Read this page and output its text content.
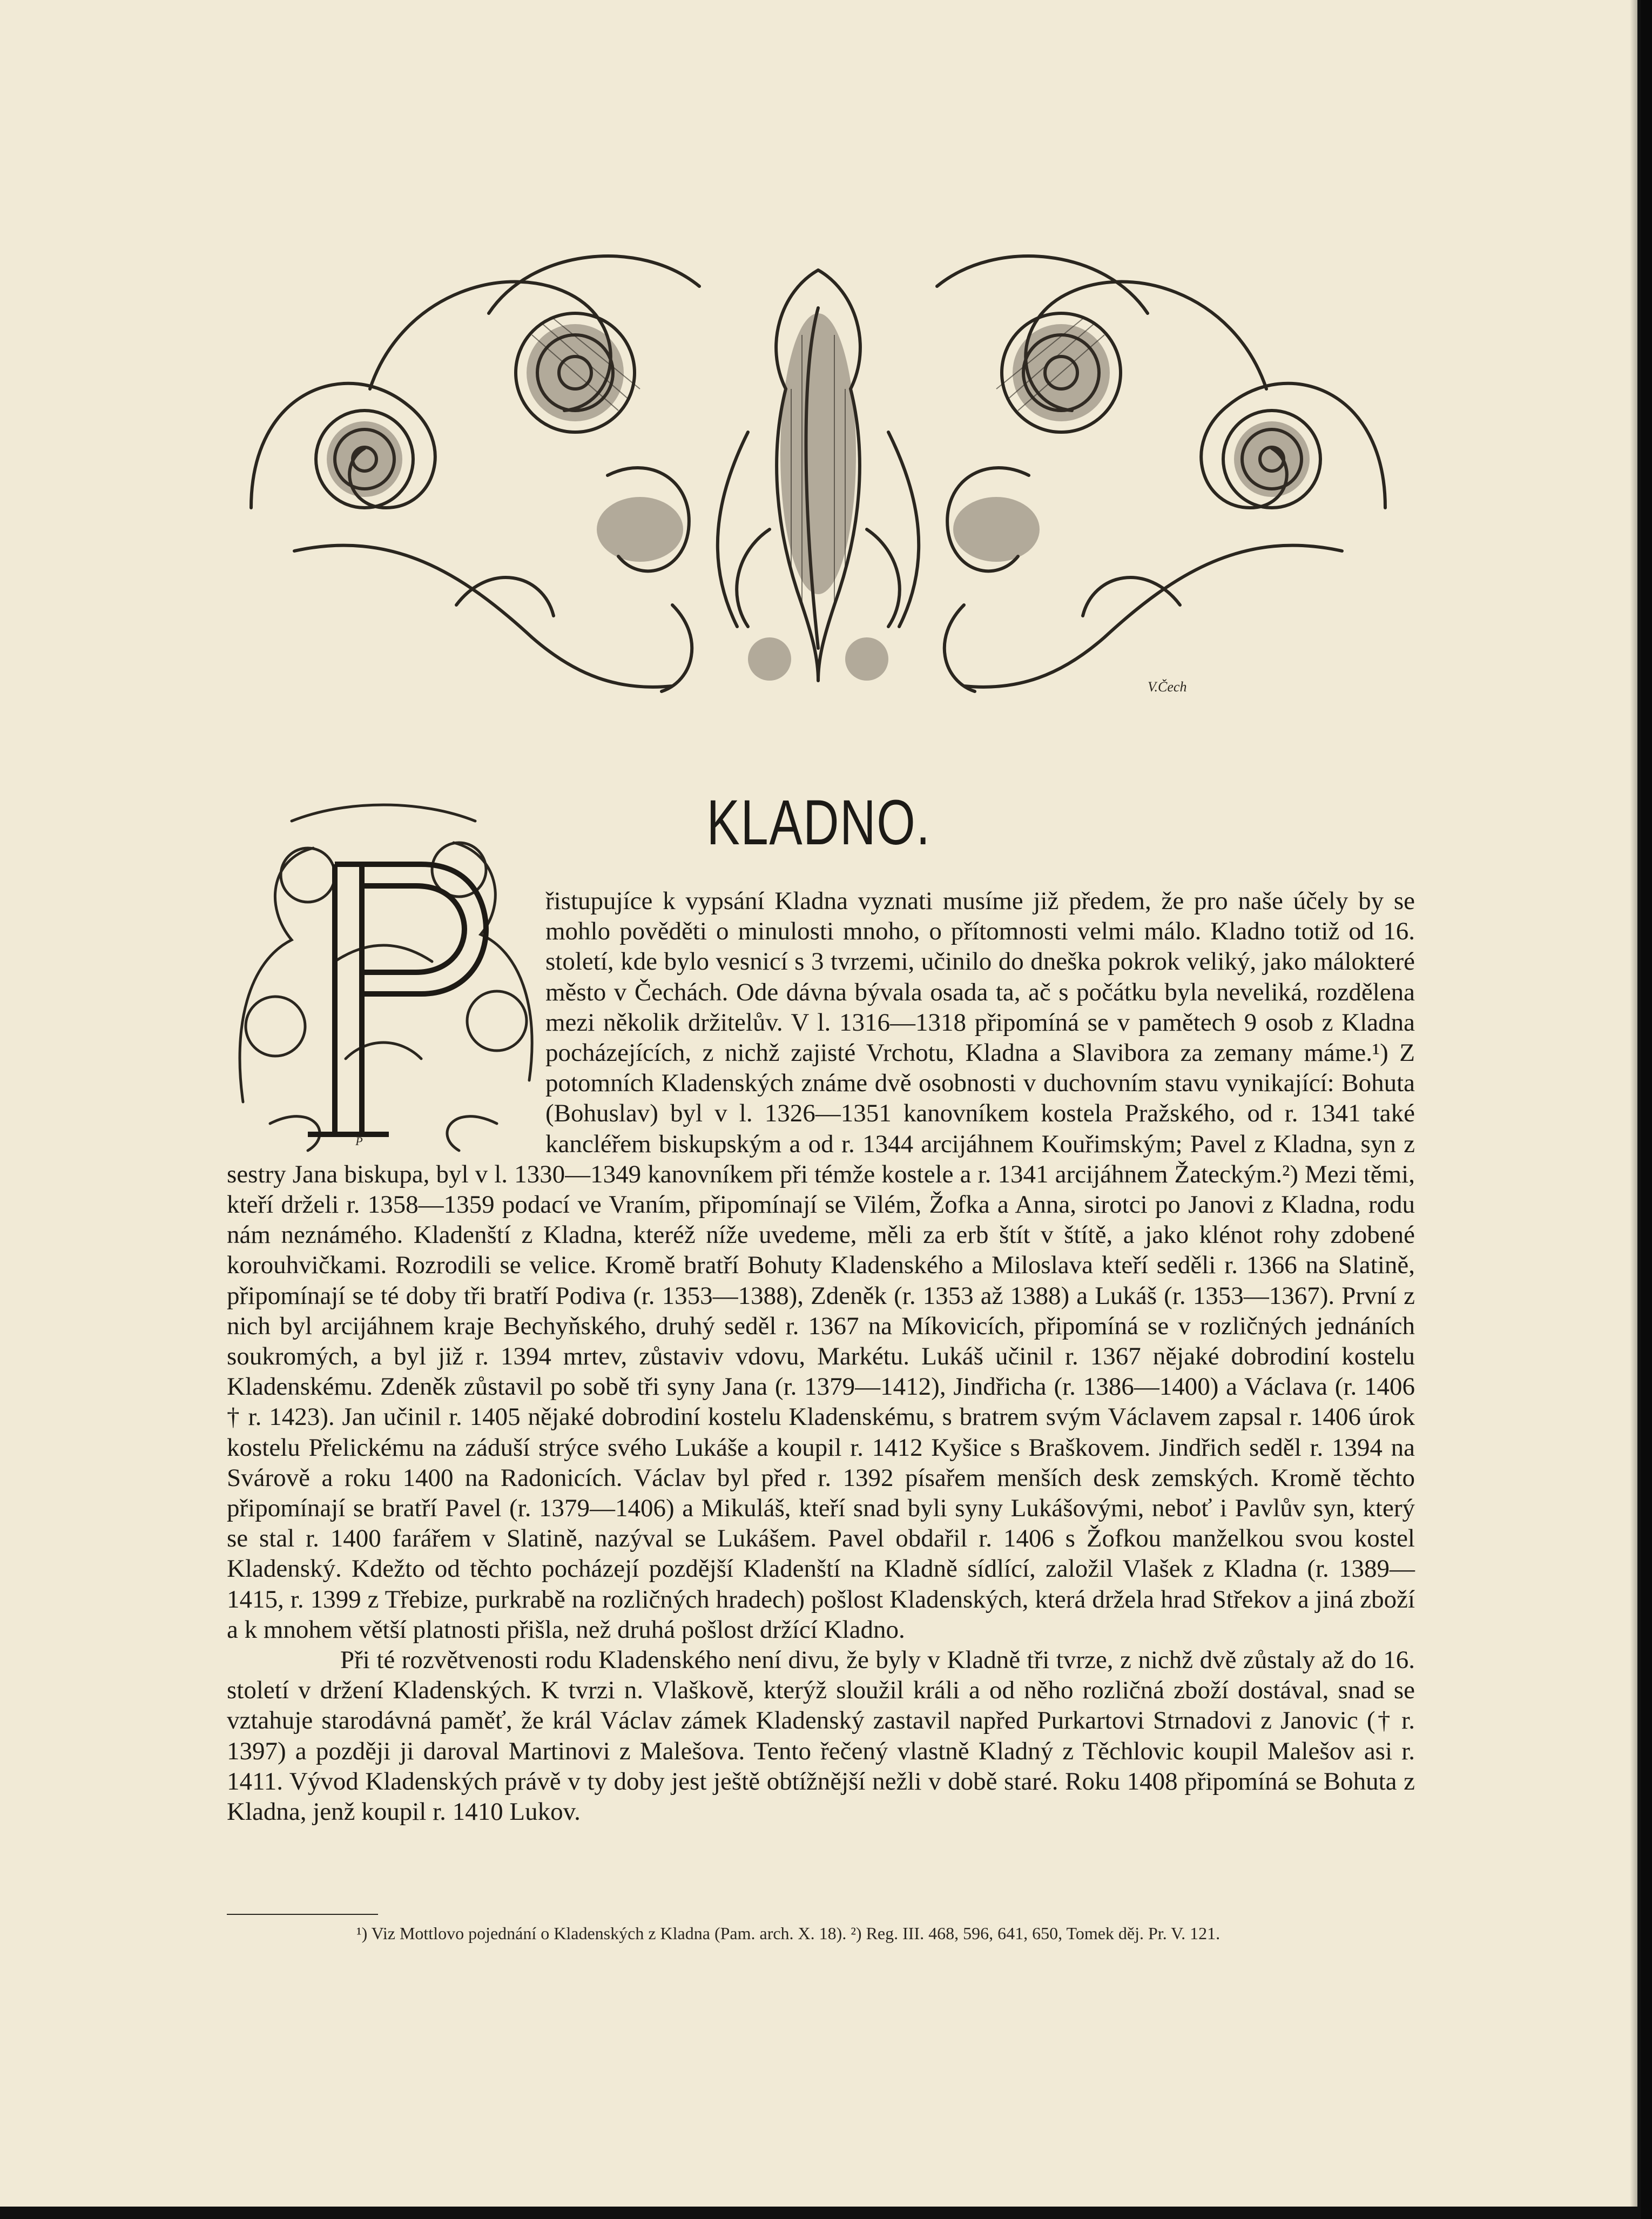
V.Čech
P
KLADNO.

řistupujíce k vypsání Kladna vyznati musíme již předem, že pro naše účely by se mohlo pověděti o minulosti mnoho, o přítomnosti velmi málo. Kladno totiž od 16. století, kde bylo vesnicí s 3 tvrzemi, učinilo do dneška pokrok veliký, jako málokteré město v Čechách. Ode dávna bývala osada ta, ač s počátku byla neveliká, rozdělena mezi několik držitelův. V l. 1316—1318 připomíná se v pamětech 9 osob z Kladna pocházejících, z nichž zajisté Vrchotu, Kladna a Slavibora za zemany máme.¹) Z potomních Kladenských známe dvě osobnosti v duchovním stavu vynikající: Bohuta (Bohuslav) byl v l. 1326—1351 kanovníkem kostela Pražského, od r. 1341 také kancléřem biskupským a od r. 1344 arcijáhnem Kouřimským; Pavel z Kladna, syn z sestry Jana biskupa, byl v l. 1330—1349 kanovníkem při témže kostele a r. 1341 arcijáhnem Žateckým.²) Mezi těmi, kteří drželi r. 1358—1359 podací ve Vraním, připomínají se Vilém, Žofka a Anna, sirotci po Janovi z Kladna, rodu nám neznámého. Kladenští z Kladna, kteréž níže uvedeme, měli za erb štít v štítě, a jako klénot rohy zdobené korouhvičkami. Rozrodili se velice. Kromě bratří Bohuty Kladenského a Miloslava kteří seděli r. 1366 na Slatině, připomínají se té doby tři bratří Podiva (r. 1353—1388), Zdeněk (r. 1353 až 1388) a Lukáš (r. 1353—1367). První z nich byl arcijáhnem kraje Bechyňského, druhý seděl r. 1367 na Míkovicích, připomíná se v rozličných jednáních soukromých, a byl již r. 1394 mrtev, zůstaviv vdovu, Markétu. Lukáš učinil r. 1367 nějaké dobrodiní kostelu Kladenskému. Zdeněk zůstavil po sobě tři syny Jana (r. 1379—1412), Jindřicha (r. 1386—1400) a Václava (r. 1406 † r. 1423). Jan učinil r. 1405 nějaké dobrodiní kostelu Kladenskému, s bratrem svým Václavem zapsal r. 1406 úrok kostelu Přelickému na záduší strýce svého Lukáše a koupil r. 1412 Kyšice s Braškovem. Jindřich seděl r. 1394 na Svárově a roku 1400 na Radonicích. Václav byl před r. 1392 písařem menších desk zemských. Kromě těchto připomínají se bratří Pavel (r. 1379—1406) a Mikuláš, kteří snad byli syny Lukášovými, neboť i Pavlův syn, který se stal r. 1400 farářem v Slatině, nazýval se Lukášem. Pavel obdařil r. 1406 s Žofkou manželkou svou kostel Kladenský. Kdežto od těchto pocházejí pozdější Kladenští na Kladně sídlící, založil Vlašek z Kladna (r. 1389—1415, r. 1399 z Třebize, purkrabě na rozličných hradech) pošlost Kladenských, která držela hrad Střekov a jiná zboží a k mnohem větší platnosti přišla, než druhá pošlost držící Kladno.

Při té rozvětvenosti rodu Kladenského není divu, že byly v Kladně tři tvrze, z nichž dvě zůstaly až do 16. století v držení Kladenských. K tvrzi n. Vlaškově, kterýž sloužil králi a od něho rozličná zboží dostával, snad se vztahuje starodávná paměť, že král Václav zámek Kladenský zastavil napřed Purkartovi Strnadovi z Janovic († r. 1397) a později ji daroval Martinovi z Malešova. Tento řečený vlastně Kladný z Těchlovic koupil Malešov asi r. 1411. Vývod Kladenských právě v ty doby jest ještě obtížnější nežli v době staré. Roku 1408 připomíná se Bohuta z Kladna, jenž koupil r. 1410 Lukov.

¹) Viz Mottlovo pojednání o Kladenských z Kladna (Pam. arch. X. 18). ²) Reg. III. 468, 596, 641, 650, Tomek děj. Pr. V. 121.
